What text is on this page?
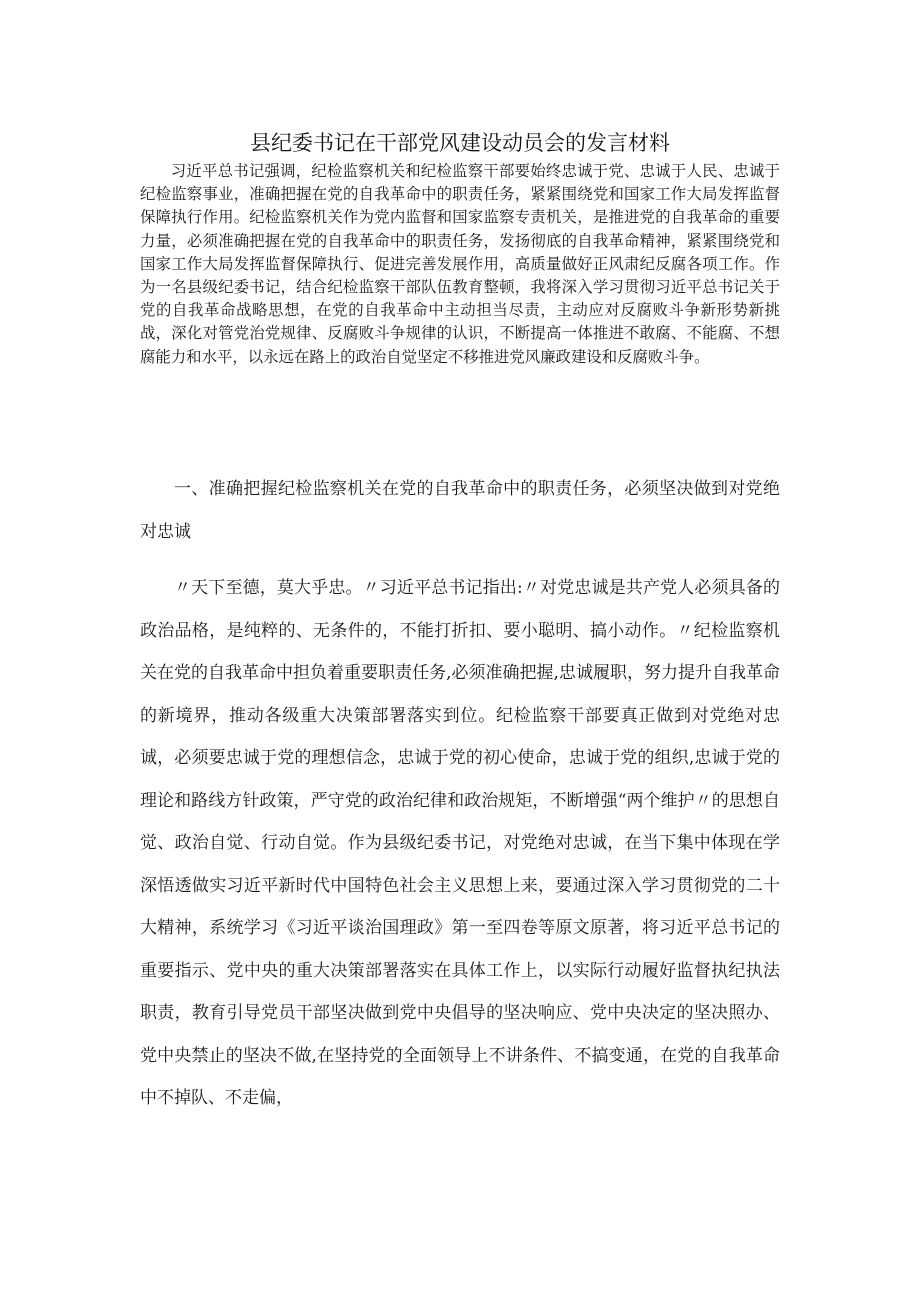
县纪委书记在干部党风建设动员会的发言材料

习近平总书记强调，纪检监察机关和纪检监察干部要始终忠诚于党、忠诚于人民、忠诚于纪检监察事业，准确把握在党的自我革命中的职责任务，紧紧围绕党和国家工作大局发挥监督保障执行作用。纪检监察机关作为党内监督和国家监察专责机关，是推进党的自我革命的重要力量，必须准确把握在党的自我革命中的职责任务，发扬彻底的自我革命精神，紧紧围绕党和国家工作大局发挥监督保障执行、促进完善发展作用，高质量做好正风肃纪反腐各项工作。作为一名县级纪委书记，结合纪检监察干部队伍教育整顿，我将深入学习贯彻习近平总书记关于党的自我革命战略思想，在党的自我革命中主动担当尽责，主动应对反腐败斗争新形势新挑战，深化对管党治党规律、反腐败斗争规律的认识，不断提高一体推进不敢腐、不能腐、不想腐能力和水平，以永远在路上的政治自觉坚定不移推进党风廉政建设和反腐败斗争。

一、准确把握纪检监察机关在党的自我革命中的职责任务，必须坚决做到对党绝对忠诚

〃天下至德，莫大乎忠。〃习近平总书记指出:〃对党忠诚是共产党人必须具备的政治品格，是纯粹的、无条件的，不能打折扣、要小聪明、搞小动作。〃纪检监察机关在党的自我革命中担负着重要职责任务,必须准确把握,忠诚履职，努力提升自我革命的新境界，推动各级重大决策部署落实到位。纪检监察干部要真正做到对党绝对忠诚，必须要忠诚于党的理想信念，忠诚于党的初心使命，忠诚于党的组织,忠诚于党的理论和路线方针政策，严守党的政治纪律和政治规矩，不断增强“两个维护〃的思想自觉、政治自觉、行动自觉。作为县级纪委书记，对党绝对忠诚，在当下集中体现在学深悟透做实习近平新时代中国特色社会主义思想上来，要通过深入学习贯彻党的二十大精神，系统学习《习近平谈治国理政》第一至四卷等原文原著，将习近平总书记的重要指示、党中央的重大决策部署落实在具体工作上，以实际行动履好监督执纪执法职责，教育引导党员干部坚决做到党中央倡导的坚决响应、党中央决定的坚决照办、党中央禁止的坚决不做,在坚持党的全面领导上不讲条件、不搞变通，在党的自我革命中不掉队、不走偏，
